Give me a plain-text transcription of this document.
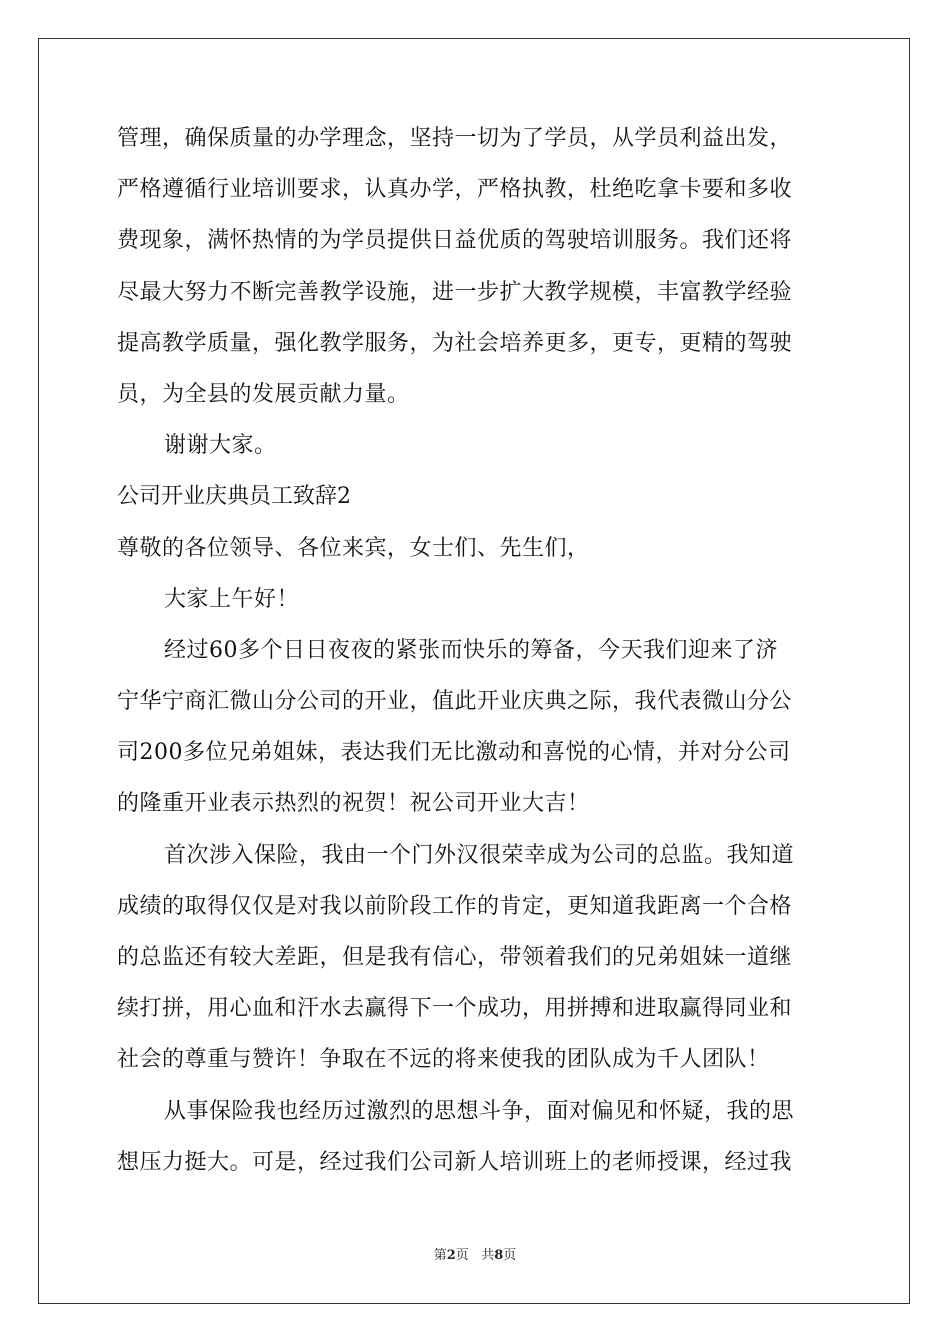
管理，确保质量的办学理念，坚持一切为了学员，从学员利益出发，
严格遵循行业培训要求，认真办学，严格执教，杜绝吃拿卡要和多收
费现象，满怀热情的为学员提供日益优质的驾驶培训服务。我们还将
尽最大努力不断完善教学设施，进一步扩大教学规模，丰富教学经验
提高教学质量，强化教学服务，为社会培养更多，更专，更精的驾驶
员，为全县的发展贡献力量。
谢谢大家。
公司开业庆典员工致辞2
尊敬的各位领导、各位来宾，女士们、先生们，
大家上午好！
经过60多个日日夜夜的紧张而快乐的筹备，今天我们迎来了济
宁华宁商汇微山分公司的开业，值此开业庆典之际，我代表微山分公
司200多位兄弟姐妹，表达我们无比激动和喜悦的心情，并对分公司
的隆重开业表示热烈的祝贺！祝公司开业大吉！
首次涉入保险，我由一个门外汉很荣幸成为公司的总监。我知道
成绩的取得仅仅是对我以前阶段工作的肯定，更知道我距离一个合格
的总监还有较大差距，但是我有信心，带领着我们的兄弟姐妹一道继
续打拼，用心血和汗水去赢得下一个成功，用拼搏和进取赢得同业和
社会的尊重与赞许！争取在不远的将来使我的团队成为千人团队！
从事保险我也经历过激烈的思想斗争，面对偏见和怀疑，我的思
想压力挺大。可是，经过我们公司新人培训班上的老师授课，经过我
第2页 共8页
